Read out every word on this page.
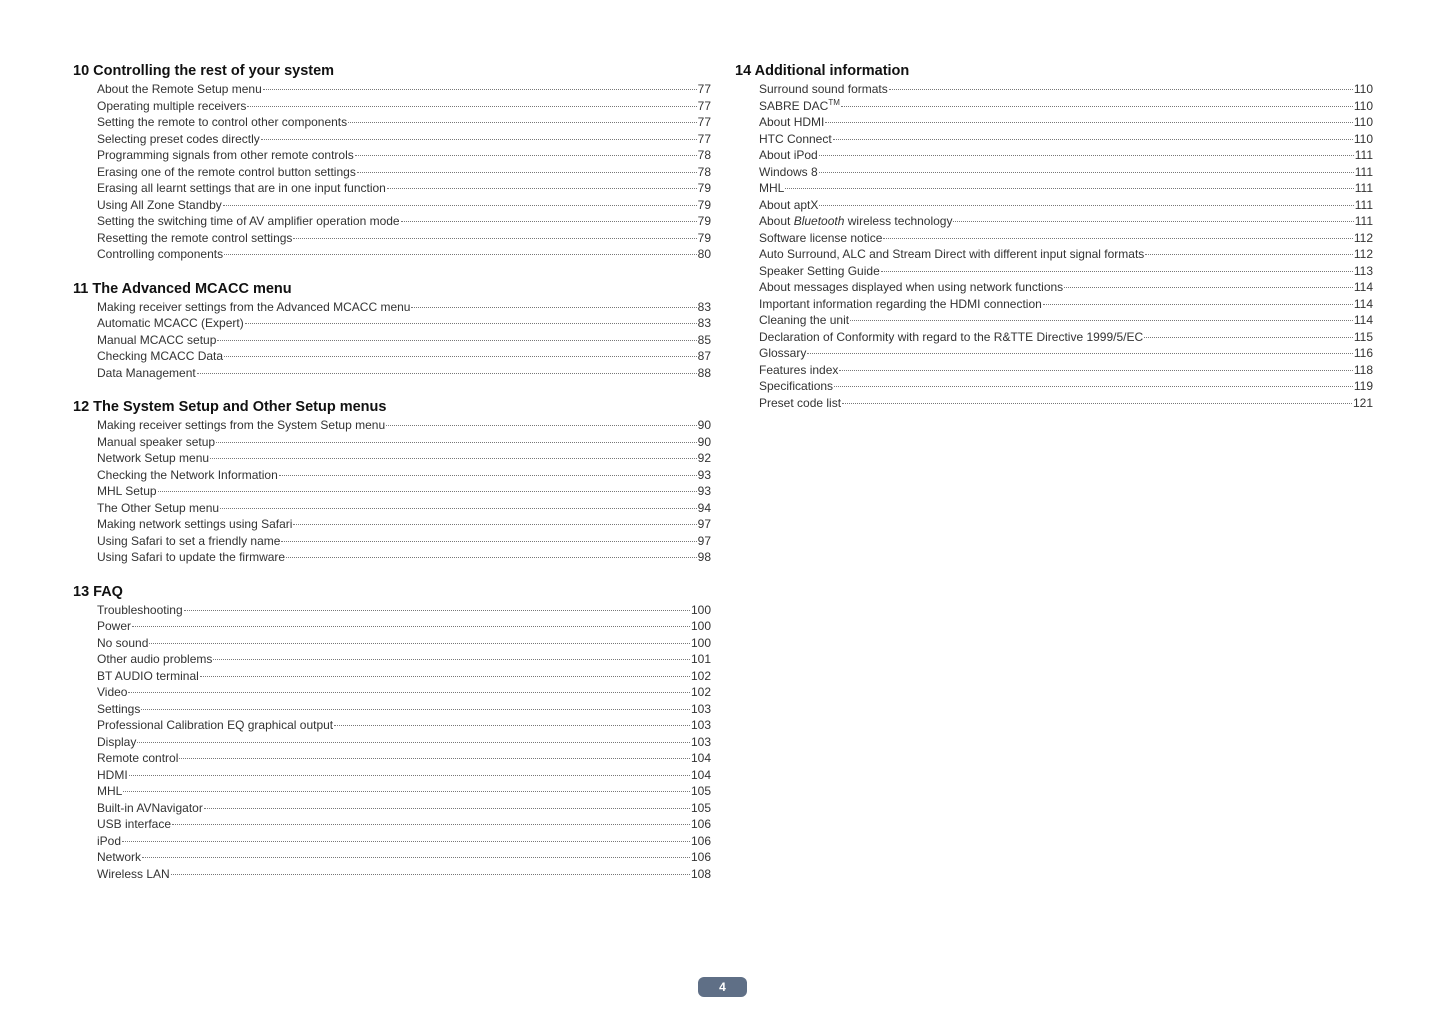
10 Controlling the rest of your system
About the Remote Setup menu	77
Operating multiple receivers	77
Setting the remote to control other components	77
Selecting preset codes directly	77
Programming signals from other remote controls	78
Erasing one of the remote control button settings	78
Erasing all learnt settings that are in one input function	79
Using All Zone Standby	79
Setting the switching time of AV amplifier operation mode	79
Resetting the remote control settings	79
Controlling components	80
11 The Advanced MCACC menu
Making receiver settings from the Advanced MCACC menu	83
Automatic MCACC (Expert)	83
Manual MCACC setup	85
Checking MCACC Data	87
Data Management	88
12 The System Setup and Other Setup menus
Making receiver settings from the System Setup menu	90
Manual speaker setup	90
Network Setup menu	92
Checking the Network Information	93
MHL Setup	93
The Other Setup menu	94
Making network settings using Safari	97
Using Safari to set a friendly name	97
Using Safari to update the firmware	98
13 FAQ
Troubleshooting	100
Power	100
No sound	100
Other audio problems	101
BT AUDIO terminal	102
Video	102
Settings	103
Professional Calibration EQ graphical output	103
Display	103
Remote control	104
HDMI	104
MHL	105
Built-in AVNavigator	105
USB interface	106
iPod	106
Network	106
Wireless LAN	108
14 Additional information
Surround sound formats	110
SABRE DAC™	110
About HDMI	110
HTC Connect	110
About iPod	111
Windows 8	111
MHL	111
About aptX	111
About Bluetooth wireless technology	111
Software license notice	112
Auto Surround, ALC and Stream Direct with different input signal formats	112
Speaker Setting Guide	113
About messages displayed when using network functions	114
Important information regarding the HDMI connection	114
Cleaning the unit	114
Declaration of Conformity with regard to the R&TTE Directive 1999/5/EC	115
Glossary	116
Features index	118
Specifications	119
Preset code list	121
4
